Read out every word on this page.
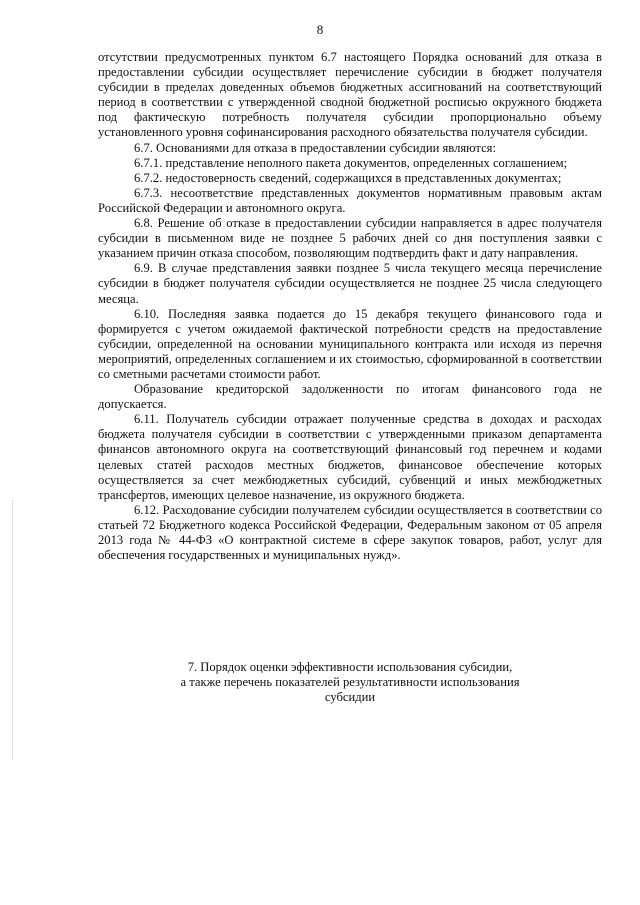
8

отсутствии предусмотренных пунктом 6.7 настоящего Порядка оснований для отказа в предоставлении субсидии осуществляет перечисление субсидии в бюджет получателя субсидии в пределах доведенных объемов бюджетных ассигнований на соответствующий период в соответствии с утвержденной сводной бюджетной росписью окружного бюджета под фактическую потребность получателя субсидии пропорционально объему установленного уровня софинансирования расходного обязательства получателя субсидии.

6.7. Основаниями для отказа в предоставлении субсидии являются:

6.7.1. представление неполного пакета документов, определенных соглашением;

6.7.2. недостоверность сведений, содержащихся в представленных документах;

6.7.3. несоответствие представленных документов нормативным правовым актам Российской Федерации и автономного округа.

6.8. Решение об отказе в предоставлении субсидии направляется в адрес получателя субсидии в письменном виде не позднее 5 рабочих дней со дня поступления заявки с указанием причин отказа способом, позволяющим подтвердить факт и дату направления.

6.9. В случае представления заявки позднее 5 числа текущего месяца перечисление субсидии в бюджет получателя субсидии осуществляется не позднее 25 числа следующего месяца.

6.10. Последняя заявка подается до 15 декабря текущего финансового года и формируется с учетом ожидаемой фактической потребности средств на предоставление субсидии, определенной на основании муниципального контракта или исходя из перечня мероприятий, определенных соглашением и их стоимостью, сформированной в соответствии со сметными расчетами стоимости работ.

Образование кредиторской задолженности по итогам финансового года не допускается.

6.11. Получатель субсидии отражает полученные средства в доходах и расходах бюджета получателя субсидии в соответствии с утвержденными приказом департамента финансов автономного округа на соответствующий финансовый год перечнем и кодами целевых статей расходов местных бюджетов, финансовое обеспечение которых осуществляется за счет межбюджетных субсидий, субвенций и иных межбюджетных трансфертов, имеющих целевое назначение, из окружного бюджета.

6.12. Расходование субсидии получателем субсидии осуществляется в соответствии со статьей 72 Бюджетного кодекса Российской Федерации, Федеральным законом от 05 апреля 2013 года № 44-ФЗ «О контрактной системе в сфере закупок товаров, работ, услуг для обеспечения государственных и муниципальных нужд».

7. Порядок оценки эффективности использования субсидии,
а также перечень показателей результативности использования
субсидии
